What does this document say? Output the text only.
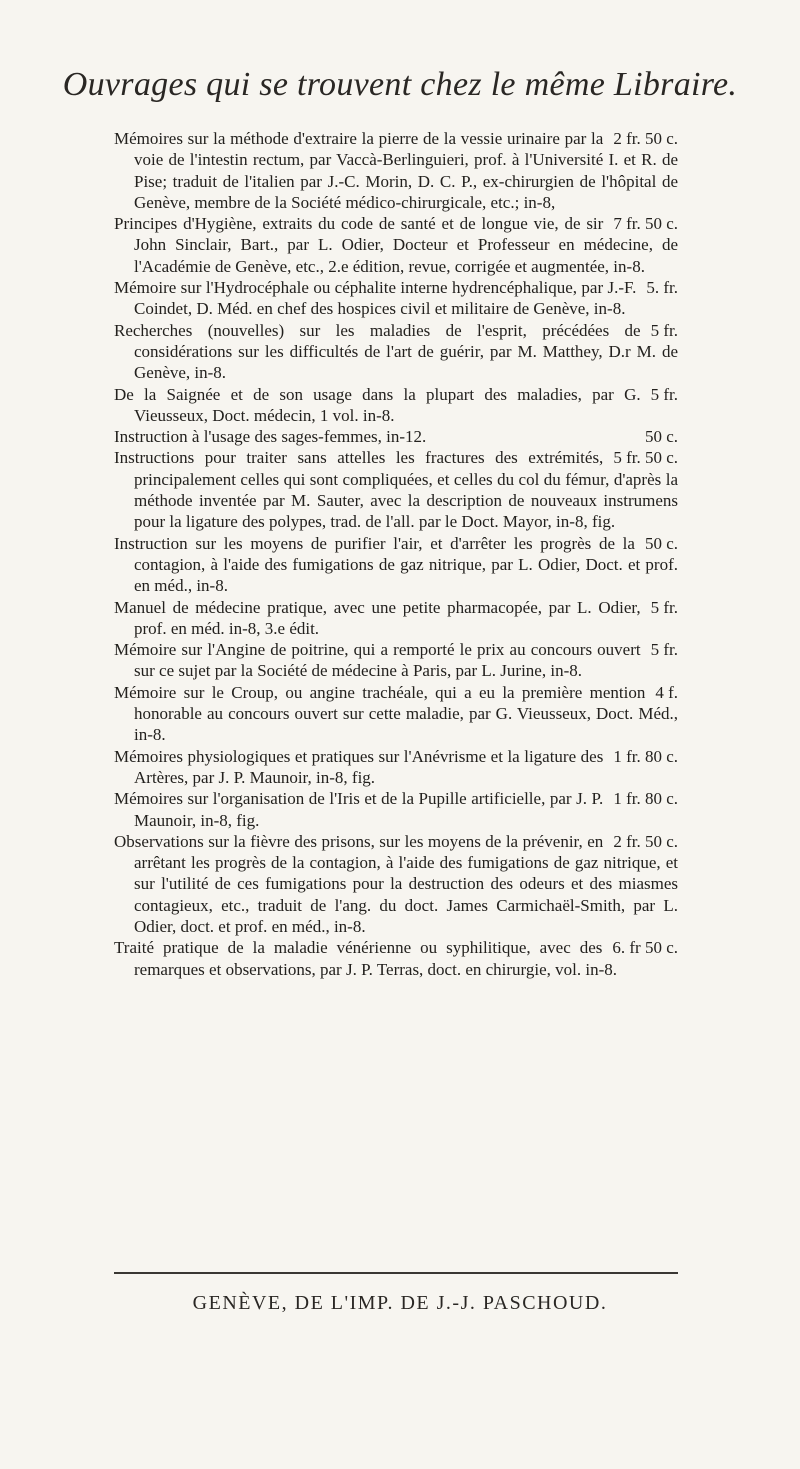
Ouvrages qui se trouvent chez le même Libraire.

2 fr. 50 c.
Mémoires sur la méthode d'extraire la pierre de la vessie urinaire par la voie de l'intestin rectum, par Vaccà-Berlinguieri, prof. à l'Université I. et R. de Pise; traduit de l'italien par J.-C. Morin, D. C. P., ex-chirurgien de l'hôpital de Genève, membre de la Société médico-chirurgicale, etc.; in-8,

7 fr. 50 c.
Principes d'Hygiène, extraits du code de santé et de longue vie, de sir John Sinclair, Bart., par L. Odier, Docteur et Professeur en médecine, de l'Académie de Genève, etc., 2.e édition, revue, corrigée et augmentée, in-8.

5. fr.
Mémoire sur l'Hydrocéphale ou céphalite interne hydrencéphalique, par J.-F. Coindet, D. Méd. en chef des hospices civil et militaire de Genève, in-8.

5 fr.
Recherches (nouvelles) sur les maladies de l'esprit, précédées de considérations sur les difficultés de l'art de guérir, par M. Matthey, D.r M. de Genève, in-8.

5 fr.
De la Saignée et de son usage dans la plupart des maladies, par G. Vieusseux, Doct. médecin, 1 vol. in-8.

50 c.
Instruction à l'usage des sages-femmes, in-12.

5 fr. 50 c.
Instructions pour traiter sans attelles les fractures des extrémités, principalement celles qui sont compliquées, et celles du col du fémur, d'après la méthode inventée par M. Sauter, avec la description de nouveaux instrumens pour la ligature des polypes, trad. de l'all. par le Doct. Mayor, in-8, fig.

50 c.
Instruction sur les moyens de purifier l'air, et d'arrêter les progrès de la contagion, à l'aide des fumigations de gaz nitrique, par L. Odier, Doct. et prof. en méd., in-8.

5 fr.
Manuel de médecine pratique, avec une petite pharmacopée, par L. Odier, prof. en méd. in-8, 3.e édit.

5 fr.
Mémoire sur l'Angine de poitrine, qui a remporté le prix au concours ouvert sur ce sujet par la Société de médecine à Paris, par L. Jurine, in-8.

4 f.
Mémoire sur le Croup, ou angine trachéale, qui a eu la première mention honorable au concours ouvert sur cette maladie, par G. Vieusseux, Doct. Méd., in-8.

1 fr. 80 c.
Mémoires physiologiques et pratiques sur l'Anévrisme et la ligature des Artères, par J. P. Maunoir, in-8, fig.

1 fr. 80 c.
Mémoires sur l'organisation de l'Iris et de la Pupille artificielle, par J. P. Maunoir, in-8, fig.

2 fr. 50 c.
Observations sur la fièvre des prisons, sur les moyens de la prévenir, en arrêtant les progrès de la contagion, à l'aide des fumigations de gaz nitrique, et sur l'utilité de ces fumigations pour la destruction des odeurs et des miasmes contagieux, etc., traduit de l'ang. du doct. James Carmichaël-Smith, par L. Odier, doct. et prof. en méd., in-8.

6. fr 50 c.
Traité pratique de la maladie vénérienne ou syphilitique, avec des remarques et observations, par J. P. Terras, doct. en chirurgie, vol. in-8.

GENÈVE, DE L'IMP. DE J.-J. PASCHOUD.
